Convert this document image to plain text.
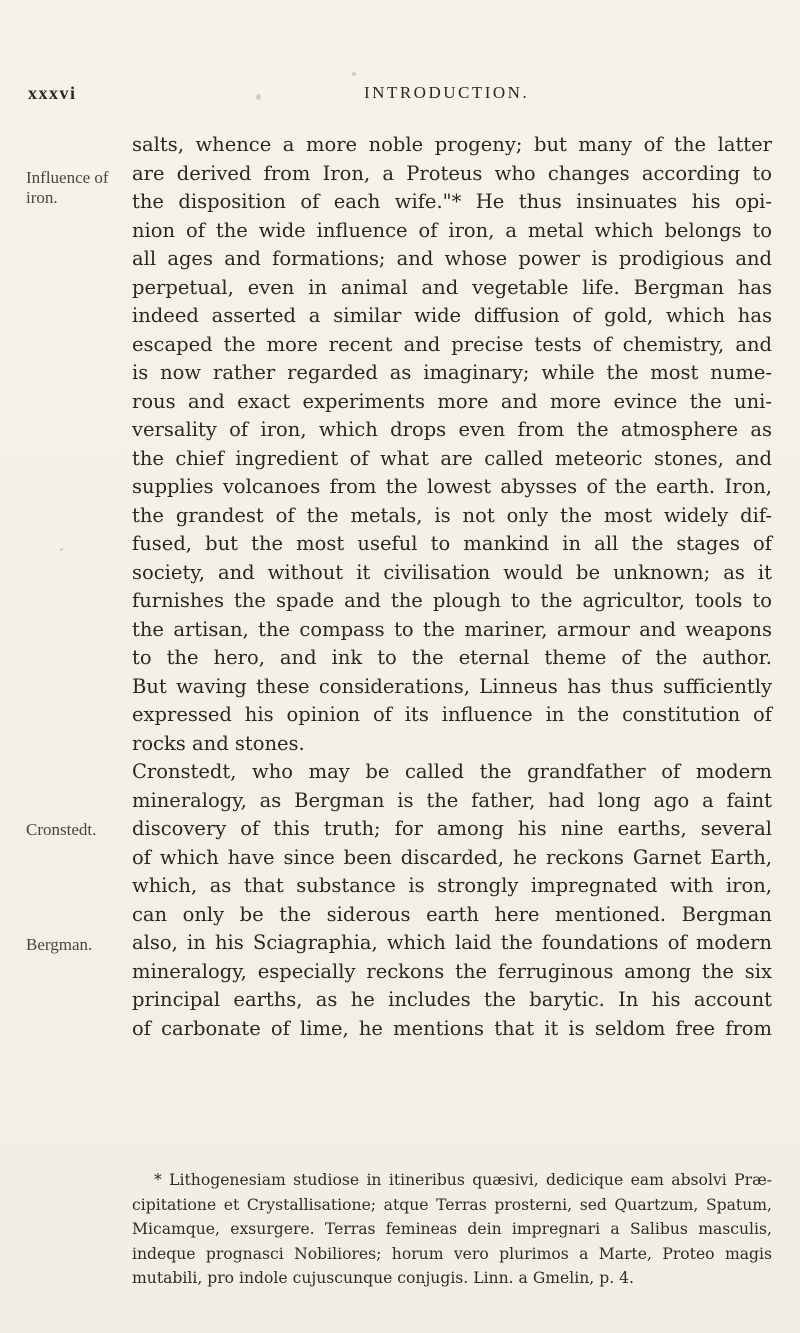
xxxvi	INTRODUCTION.
Influence of iron.
Cronstedt.
Bergman.
salts, whence a more noble progeny; but many of the latter
are derived from Iron, a Proteus who changes according to
the disposition of each wife."* He thus insinuates his opi-
nion of the wide influence of iron, a metal which belongs to
all ages and formations; and whose power is prodigious and
perpetual, even in animal and vegetable life. Bergman has
indeed asserted a similar wide diffusion of gold, which has
escaped the more recent and precise tests of chemistry, and
is now rather regarded as imaginary; while the most nume-
rous and exact experiments more and more evince the uni-
versality of iron, which drops even from the atmosphere as
the chief ingredient of what are called meteoric stones, and
supplies volcanoes from the lowest abysses of the earth. Iron,
the grandest of the metals, is not only the most widely dif-
fused, but the most useful to mankind in all the stages of
society, and without it civilisation would be unknown; as it
furnishes the spade and the plough to the agricultor, tools to
the artisan, the compass to the mariner, armour and weapons
to the hero, and ink to the eternal theme of the author.
But waving these considerations, Linneus has thus sufficiently
expressed his opinion of its influence in the constitution of
rocks and stones.
Cronstedt, who may be called the grandfather of modern
mineralogy, as Bergman is the father, had long ago a faint
discovery of this truth; for among his nine earths, several
of which have since been discarded, he reckons Garnet Earth,
which, as that substance is strongly impregnated with iron,
can only be the siderous earth here mentioned. Bergman
also, in his Sciagraphia, which laid the foundations of modern
mineralogy, especially reckons the ferruginous among the six
principal earths, as he includes the barytic. In his account
of carbonate of lime, he mentions that it is seldom free from
* Lithogenesiam studiose in itineribus quæsivi, dedicique eam absolvi Præ-
cipitatione et Crystallisatione; atque Terras prosterni, sed Quartzum, Spatum,
Micamque, exsurgere. Terras femineas dein impregnari a Salibus masculis,
indeque prognasci Nobiliores; horum vero plurimos a Marte, Proteo magis
mutabili, pro indole cujuscunque conjugis. Linn. a Gmelin, p. 4.
